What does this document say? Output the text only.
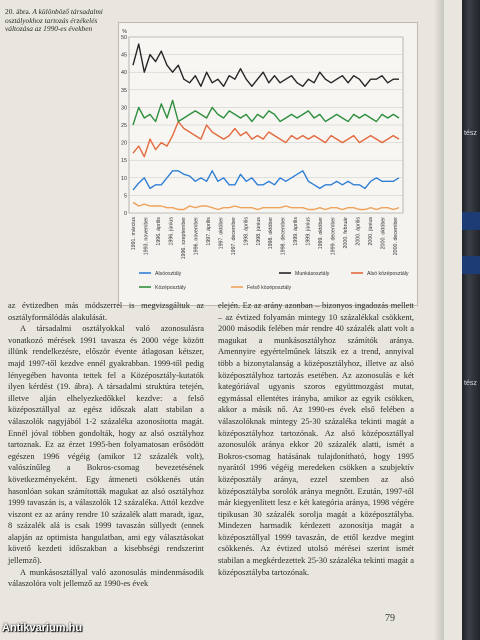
20. ábra. A különböző társadalmi osztályokhoz tartozás érzékelés változása az 1990-es években
0
5
10
15
20
25
30
35
40
45
50
%
1991. március 1993. november 1996. április 1996. június 1996. szeptember 1996. november 1997. április 1997. október 1997. december 1998. április 1998. június 1998. október 1998. december 1999. április 1999. június 1999. október 1999. december 2000. február 2000. április 2000. június 2000. október 2000. december
Alsóosztály	Munkásosztály	Alsó középosztály
Középosztály	Felső középosztály

az évtizedben más módszerrel is megvizsgáltuk az osztályformálódás alakulását.

A társadalmi osztályokkal való azonosulásra vonatkozó mérések 1991 tavasza és 2000 vége között illünk rendelkezésre, először évente átlagosan kétszer, majd 1997-től kezdve ennél gyakrabban. 1999-től pedig lényegében havonta tettek fel a Középosztály-kutatók ilyen kérdést (19. ábra). A társadalmi struktúra tetején, illetve alján elhelyezkedőkkel kezdve: a felső középosztállyal az egész időszak alatt stabilan a válaszolók nagyjából 1-2 százaléka azonosította magát. Ennél jóval többen gondolták, hogy az alsó osztályhoz tartoznak. Ez az érzet 1995-ben folyamatosan erősödött egészen 1996 végéig (amikor 12 százalék volt), valószínűleg a Bokros-csomag bevezetésének következményeként. Egy átmeneti csökkenés után hasonlóan sokan számították magukat az alsó osztályhoz 1999 tavaszán is, a válaszolók 12 százaléka. Attól kezdve viszont ez az arány rendre 10 százalék alatt maradt, igaz, 8 százalék alá is csak 1999 tavaszán süllyedt (ennek alapján az optimista hangulatban, ami egy választásokat követő kezdeti időszakban a kisebbségi rendszerint jellemző).

A munkásosztállyal való azonosulás mindenmásodik válaszolóra volt jellemző az 1990-es évek

elején. Ez az arány azonban – bizonyos ingadozás mellett – az évtized folyamán mintegy 10 százalékkal csökkent, 2000 második felében már rendre 40 százalék alatt volt a magukat a munkásosztályhoz számítók aránya. Amennyire egyértelműnek látszik ez a trend, annyival több a bizonytalanság a középosztályhoz, illetve az alsó középosztályhoz tartozás esetében. Az azonosulás e két kategóriával ugyanis szoros együttmozgást mutat, egymással ellentétes irányba, amikor az egyik csökken, akkor a másik nő. Az 1990-es évek első felében a válaszolóknak mintegy 25-30 százaléka tekinti magát a középosztályhoz tartozónak. Az alsó középosztállyal azonosulók aránya ekkor 20 százalék alatti, ismét a Bokros-csomag hatásának tulajdonítható, hogy 1995 nyarától 1996 végéig meredeken csökken a szubjektív középosztály aránya, ezzel szemben az alsó középosztályba sorolók aránya megnőtt. Ezután, 1997-től már kiegyenlített lesz e két kategória aránya, 1998 végére tipikusan 30 százalék sorolja magát a középosztályba. Mindezen harmadik kérdezett azonosítja magát a középosztállyal 1999 tavaszán, de ettől kezdve megint csökkenés. Az évtized utolsó mérései szerint ismét stabilan a megkérdezettek 25-30 százaléka tekinti magát a középosztályba tartozónak.

79
Antikvarium.hu
tész
tész
